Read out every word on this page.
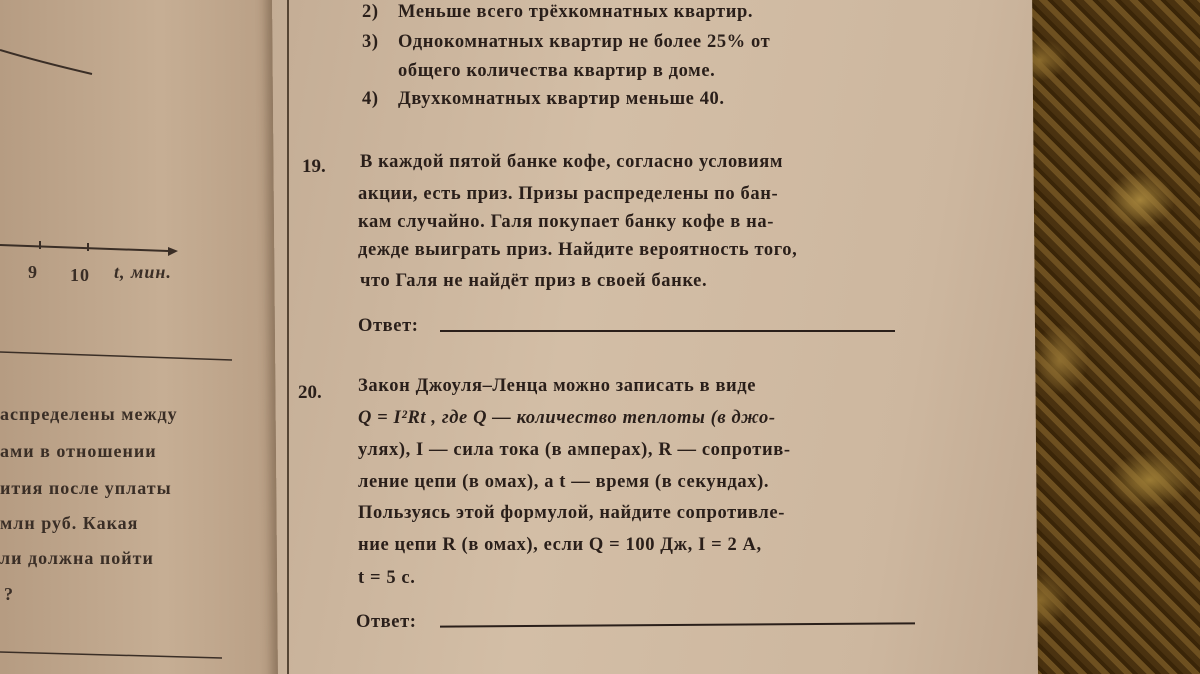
9 10 t, мин.
аспределены между
ами в отношении
ития после уплаты
млн руб. Какая
ли должна пойти
?
2) Меньше всего трёхкомнатных квартир.
3) Однокомнатных квартир не более 25% от
общего количества квартир в доме.
4) Двухкомнатных квартир меньше 40.
19. В каждой пятой банке кофе, согласно условиям
акции, есть приз. Призы распределены по бан-
кам случайно. Галя покупает банку кофе в на-
дежде выиграть приз. Найдите вероятность того,
что Галя не найдёт приз в своей банке.
Ответ:
20. Закон Джоуля–Ленца можно записать в виде
Q = I²Rt , где Q — количество теплоты (в джо-
улях), I — сила тока (в амперах), R — сопротив-
ление цепи (в омах), а t — время (в секундах).
Пользуясь этой формулой, найдите сопротивле-
ние цепи R (в омах), если Q = 100 Дж, I = 2 А,
t = 5 с.
Ответ:
